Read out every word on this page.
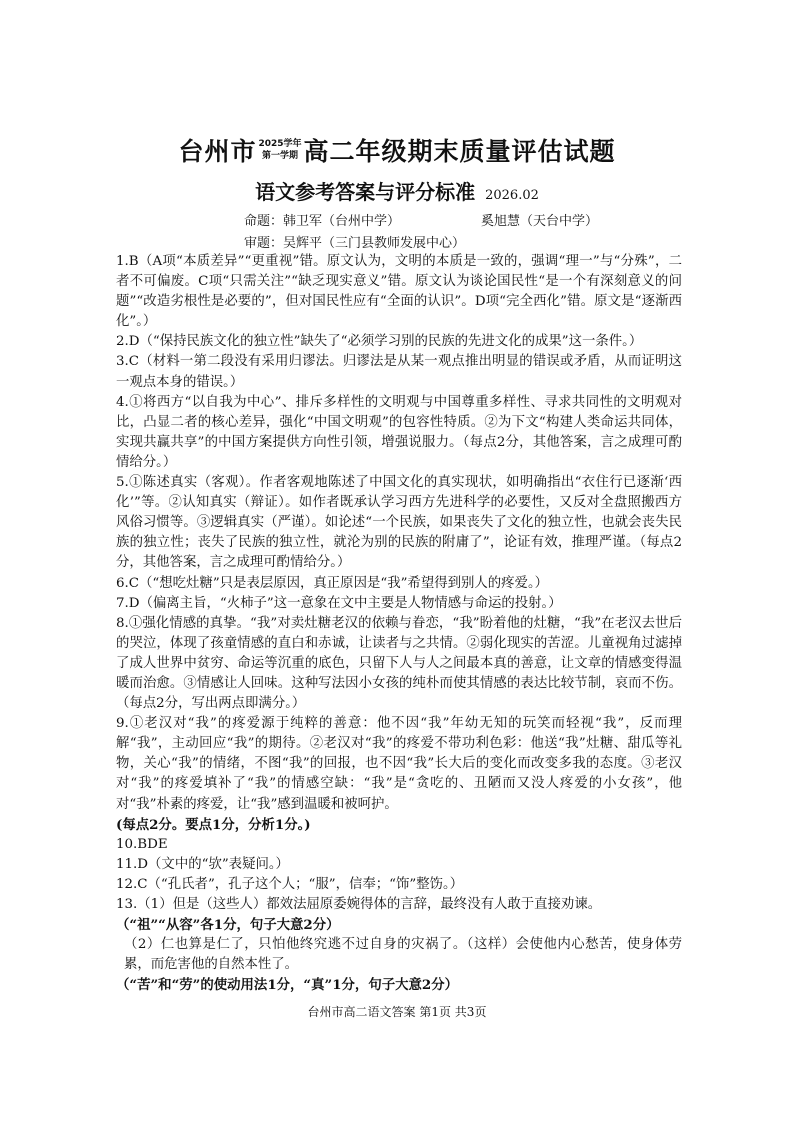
台州市 2025学年
第一学期 高二年级期末质量评估试题
语文参考答案与评分标准 2026.02
命题：韩卫军（台州中学）	奚旭慧（天台中学）
审题：吴辉平（三门县教师发展中心）

1.B（A项“本质差异”“更重视”错。原文认为，文明的本质是一致的，强调“理一”与“分殊”，二者不可偏废。C项“只需关注”“缺乏现实意义”错。原文认为谈论国民性“是一个有深刻意义的问题”“改造劣根性是必要的”，但对国民性应有“全面的认识”。D项“完全西化”错。原文是“逐渐西化”。）

2.D（“保持民族文化的独立性”缺失了“必须学习别的民族的先进文化的成果”这一条件。）

3.C（材料一第二段没有采用归谬法。归谬法是从某一观点推出明显的错误或矛盾，从而证明这一观点本身的错误。）

4.①将西方“以自我为中心”、排斥多样性的文明观与中国尊重多样性、寻求共同性的文明观对比，凸显二者的核心差异，强化“中国文明观”的包容性特质。②为下文“构建人类命运共同体，实现共赢共享”的中国方案提供方向性引领，增强说服力。（每点2分，其他答案，言之成理可酌情给分。）

5.①陈述真实（客观）。作者客观地陈述了中国文化的真实现状，如明确指出“衣住行已逐渐‘西化’”等。②认知真实（辩证）。如作者既承认学习西方先进科学的必要性，又反对全盘照搬西方风俗习惯等。③逻辑真实（严谨）。如论述“一个民族，如果丧失了文化的独立性，也就会丧失民族的独立性；丧失了民族的独立性，就沦为别的民族的附庸了”，论证有效，推理严谨。（每点2分，其他答案，言之成理可酌情给分。）

6.C（“想吃灶糖”只是表层原因，真正原因是“我”希望得到别人的疼爱。）

7.D（偏离主旨，“火柿子”这一意象在文中主要是人物情感与命运的投射。）

8.①强化情感的真挚。“我”对卖灶糖老汉的依赖与眷恋，“我”盼着他的灶糖，“我”在老汉去世后的哭泣，体现了孩童情感的直白和赤诚，让读者与之共情。②弱化现实的苦涩。儿童视角过滤掉了成人世界中贫穷、命运等沉重的底色，只留下人与人之间最本真的善意，让文章的情感变得温暖而治愈。③情感让人回味。这种写法因小女孩的纯朴而使其情感的表达比较节制，哀而不伤。（每点2分，写出两点即满分。）

9.①老汉对“我”的疼爱源于纯粹的善意：他不因“我”年幼无知的玩笑而轻视“我”，反而理解“我”，主动回应“我”的期待。②老汉对“我”的疼爱不带功利色彩：他送“我”灶糖、甜瓜等礼物，关心“我”的情绪，不图“我”的回报，也不因“我”长大后的变化而改变多我的态度。③老汉对“我”的疼爱填补了“我”的情感空缺：“我”是“贪吃的、丑陋而又没人疼爱的小女孩”，他对“我”朴素的疼爱，让“我”感到温暖和被呵护。

(每点2分。要点1分，分析1分。)

10.BDE

11.D（文中的“欤”表疑问。）

12.C（“孔氏者”，孔子这个人；“服”，信奉；“饰”整饬。）

13.（1）但是（这些人）都效法屈原委婉得体的言辞，最终没有人敢于直接劝谏。

（“祖”“从容”各1分，句子大意2分）

（2）仁也算是仁了，只怕他终究逃不过自身的灾祸了。（这样）会使他内心愁苦，使身体劳累，而危害他的自然本性了。

（“苦”和“劳”的使动用法1分，“真”1分，句子大意2分）

台州市高二语文答案 第1页 共3页
